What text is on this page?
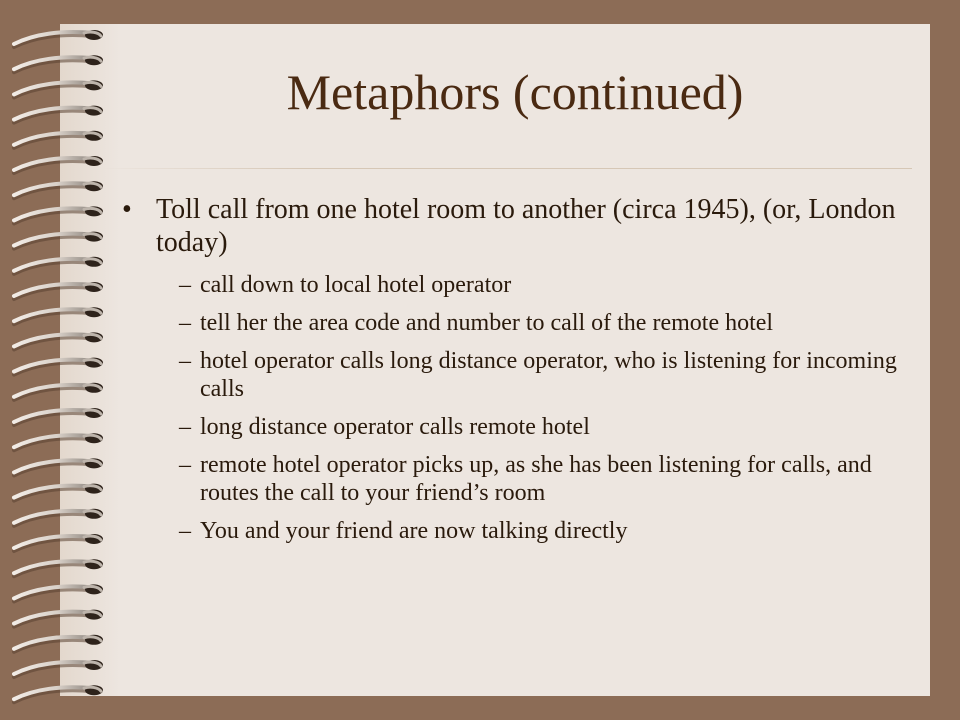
Metaphors (continued)
• Toll call from one hotel room to another (circa 1945), (or, London today)
– call down to local hotel operator
– tell her the area code and number to call of the remote hotel
– hotel operator calls long distance operator, who is listening for incoming calls
– long distance operator calls remote hotel
– remote hotel operator picks up, as she has been listening for calls, and routes the call to your friend’s room
– You and your friend are now talking directly
